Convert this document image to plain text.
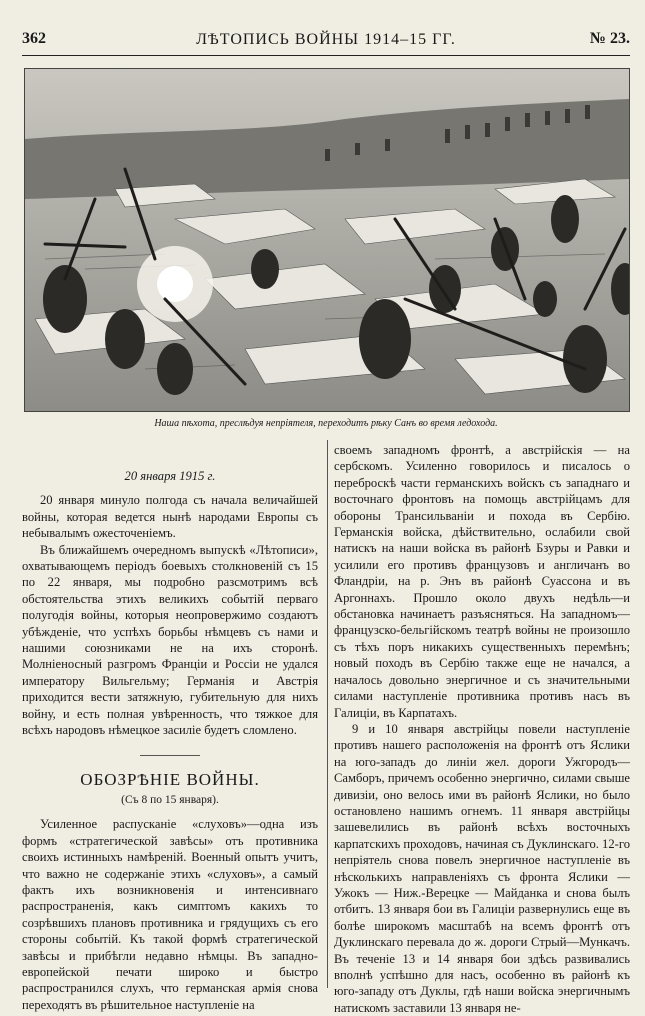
362	ЛѢТОПИСЬ ВОЙНЫ 1914–15 ГГ.	№ 23.
Наша пѣхота, преслѣдуя непріятеля, переходитъ рѣку Санъ во время ледохода.
20 января 1915 г.

20 января минуло полгода съ начала величайшей войны, которая ведется нынѣ народами Европы съ небывалымъ ожесточеніемъ.

Въ ближайшемъ очередномъ выпускѣ «Лѣтописи», охватывающемъ періодъ боевыхъ столкновеній съ 15 по 22 января, мы подробно разсмотримъ всѣ обстоятельства этихъ великихъ событій перваго полугодія войны, которыя неопровержимо создаютъ убѣжденіе, что успѣхъ борьбы нѣмцевъ съ нами и нашими союзниками не на ихъ сторонѣ. Молніеносный разгромъ Франціи и Россіи не удался императору Вильгельму; Германія и Австрія приходится вести затяжную, губительную для нихъ войну, и есть полная увѣренность, что тяжкое для всѣхъ народовъ нѣмецкое засиліе будетъ сломлено.

ОБОЗРѢНІЕ ВОЙНЫ.
(Съ 8 по 15 января).

Усиленное распусканіе «слуховъ»—одна изъ формъ «стратегической завѣсы» отъ противника своихъ истинныхъ намѣреній. Военный опытъ учитъ, что важно не содержаніе этихъ «слуховъ», а самый фактъ ихъ возникновенія и интенсивнаго распространенія, какъ симптомъ какихъ то созрѣвшихъ плановъ противника и грядущихъ съ его стороны событій. Къ такой формѣ стратегической завѣсы и прибѣгли недавно нѣмцы. Въ западно-европейской печати широко и быстро распространился слухъ, что германская армія снова переходятъ въ рѣшительное наступленіе на

своемъ западномъ фронтѣ, а австрійскія — на сербскомъ. Усиленно говорилось и писалось о переброскѣ части германскихъ войскъ съ западнаго и восточнаго фронтовъ на помощь австрійцамъ для обороны Трансильваніи и похода въ Сербію. Германскія войска, дѣйствительно, ослабили свой натискъ на наши войска въ районѣ Бзуры и Равки и усилили его противъ французовъ и англичанъ во Фландріи, на р. Энъ въ районѣ Суассона и въ Аргоннахъ. Прошло около двухъ недѣль—и обстановка начинаетъ разъясняться. На западномъ—французско-бельгійскомъ театрѣ войны не произошло съ тѣхъ поръ никакихъ существенныхъ перемѣнъ; новый походъ въ Сербію также еще не начался, а началось довольно энергичное и съ значительными силами наступленіе противника противъ насъ въ Галиціи, въ Карпатахъ.

9 и 10 января австрійцы повели наступленіе противъ нашего расположенія на фронтѣ отъ Яслики на юго-западъ до линіи жел. дороги Ужгородъ—Самборъ, причемъ особенно энергично, силами свыше дивизіи, оно велось ими въ районѣ Яслики, но было остановлено нашимъ огнемъ. 11 января австрійцы зашевелились въ районѣ всѣхъ восточныхъ карпатскихъ проходовъ, начиная съ Дуклинскаго. 12-го непріятель снова повелъ энергичное наступленіе въ нѣсколькихъ направленіяхъ съ фронта Яслики — Ужокъ — Ниж.-Верецке — Майданка и снова былъ отбитъ. 13 января бои въ Галиціи развернулись еще въ болѣе широкомъ масштабѣ на всемъ фронтѣ отъ Дуклинскаго перевала до ж. дороги Стрый—Мункачъ. Въ теченіе 13 и 14 января бои здѣсь развивались вполнѣ успѣшно для насъ, особенно въ районѣ къ юго-западу отъ Дуклы, гдѣ наши войска энергичнымъ натискомъ заставили 13 января не-
